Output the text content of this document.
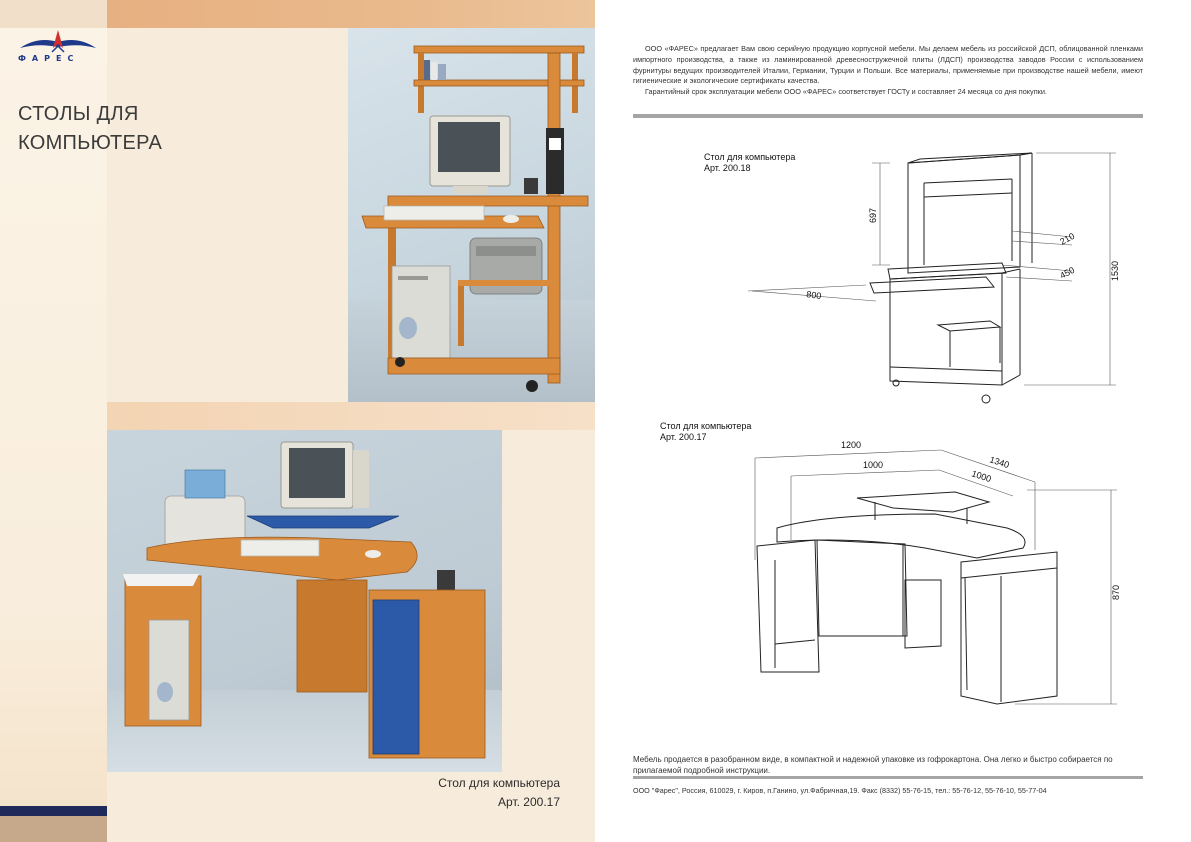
ФАРЕС
СТОЛЫ ДЛЯ
КОМПЬЮТЕРА
Стол для компьютера
Арт. 200.17

ООО «ФАРЕС» предлагает Вам свою серийную продукцию корпусной мебели. Мы делаем мебель из российской ДСП, облицованной пленками импортного производства, а также из ламинированной древесностружечной плиты (ЛДСП) производства заводов России с использованием фурнитуры ведущих производителей Италии, Германии, Турции и Польши. Все материалы, применяемые при производстве нашей мебели, имеют гигиенические и экологические сертификаты качества.

Гарантийный срок эксплуатации мебели ООО «ФАРЕС» соответствует ГОСТу и составляет 24 месяца со дня покупки.

Стол для компьютера
Арт. 200.18
697
210
450
800
1530
Стол для компьютера
Арт. 200.17
1200
1340
1000
1000
870
Мебель продается в разобранном виде, в компактной и надежной упаковке из гофрокартона. Она легко и быстро собирается по прилагаемой подробной инструкции.
ООО "Фарес", Россия, 610029, г. Киров, п.Ганино, ул.Фабричная,19. Факс (8332) 55-76-15, тел.: 55-76-12, 55-76-10, 55-77-04
